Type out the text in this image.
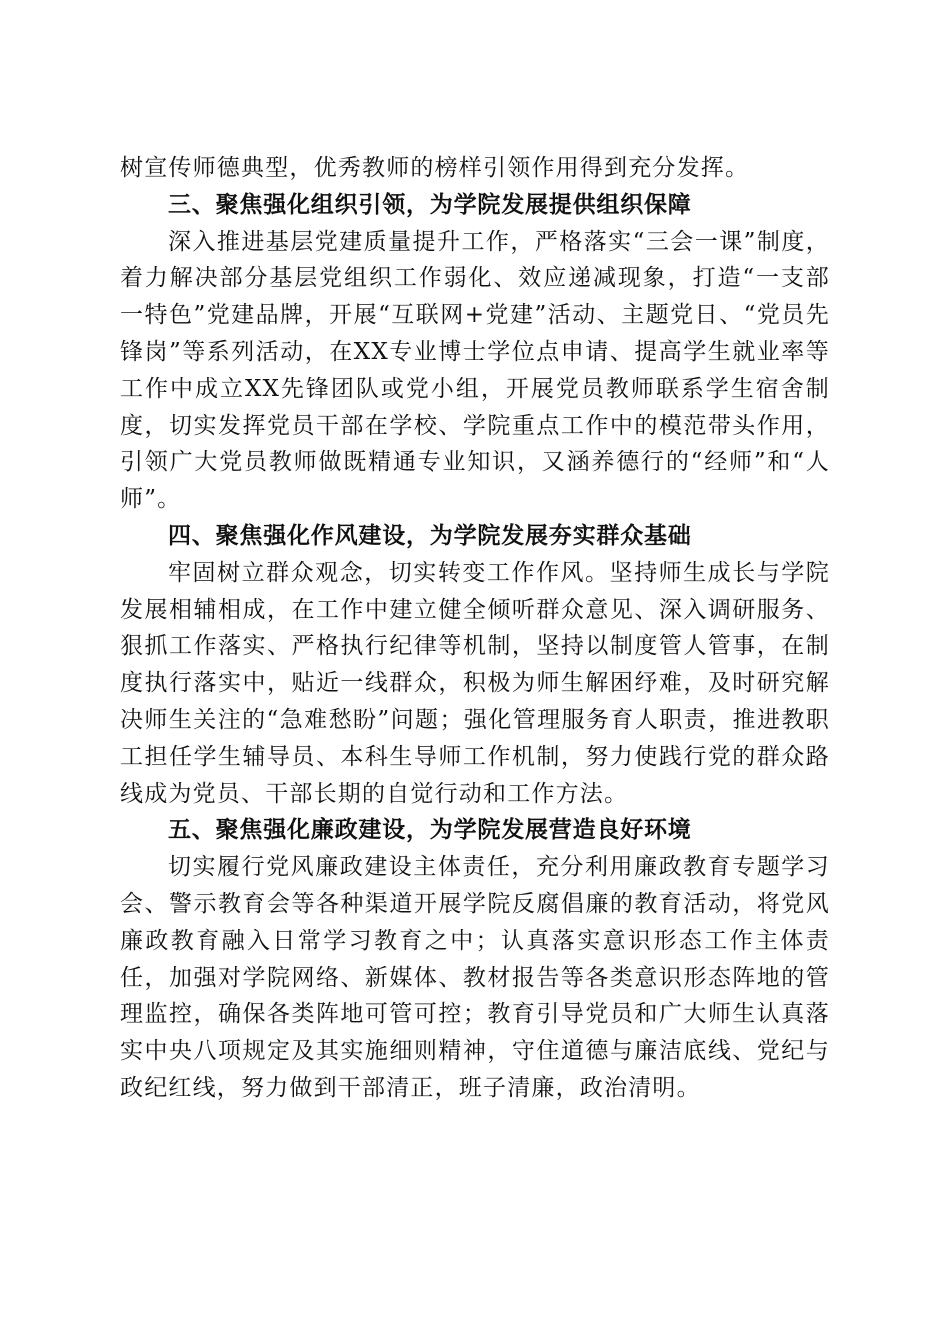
树宣传师德典型，优秀教师的榜样引领作用得到充分发挥。

三、聚焦强化组织引领，为学院发展提供组织保障

深入推进基层党建质量提升工作，严格落实“三会一课”制度，着力解决部分基层党组织工作弱化、效应递减现象，打造“一支部一特色”党建品牌，开展“互联网+党建”活动、主题党日、“党员先锋岗”等系列活动，在XX专业博士学位点申请、提高学生就业率等工作中成立XX先锋团队或党小组，开展党员教师联系学生宿舍制度，切实发挥党员干部在学校、学院重点工作中的模范带头作用，引领广大党员教师做既精通专业知识，又涵养德行的“经师”和“人师”。

四、聚焦强化作风建设，为学院发展夯实群众基础

牢固树立群众观念，切实转变工作作风。坚持师生成长与学院发展相辅相成，在工作中建立健全倾听群众意见、深入调研服务、狠抓工作落实、严格执行纪律等机制，坚持以制度管人管事，在制度执行落实中，贴近一线群众，积极为师生解困纾难，及时研究解决师生关注的“急难愁盼”问题；强化管理服务育人职责，推进教职工担任学生辅导员、本科生导师工作机制，努力使践行党的群众路线成为党员、干部长期的自觉行动和工作方法。

五、聚焦强化廉政建设，为学院发展营造良好环境

切实履行党风廉政建设主体责任，充分利用廉政教育专题学习会、警示教育会等各种渠道开展学院反腐倡廉的教育活动，将党风廉政教育融入日常学习教育之中；认真落实意识形态工作主体责任，加强对学院网络、新媒体、教材报告等各类意识形态阵地的管理监控，确保各类阵地可管可控；教育引导党员和广大师生认真落实中央八项规定及其实施细则精神，守住道德与廉洁底线、党纪与政纪红线，努力做到干部清正，班子清廉，政治清明。
